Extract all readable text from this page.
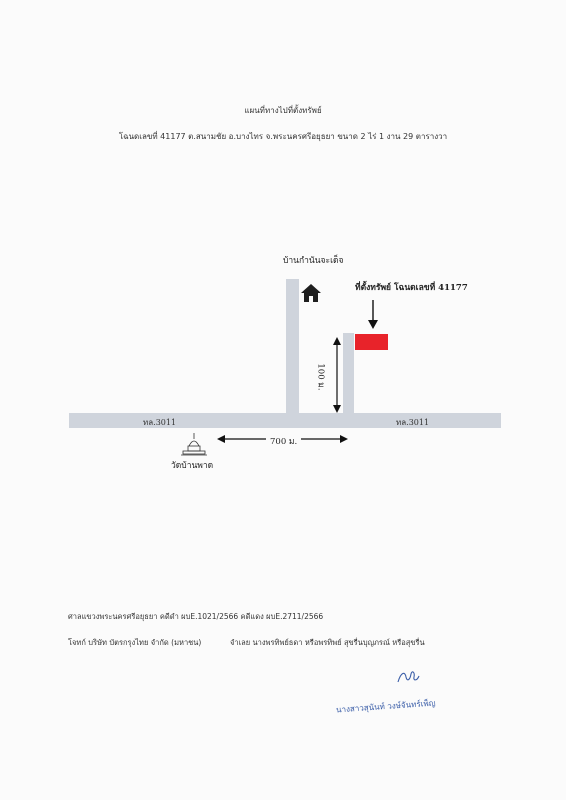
แผนที่ทางไปที่ตั้งทรัพย์
โฉนดเลขที่ 41177 ต.สนามชัย อ.บางไทร จ.พระนครศรีอยุธยา ขนาด 2 ไร่ 1 งาน 29 ตารางวา
ทล.3011	ทล.3011
บ้านกำนันจะเด็จ
ที่ตั้งทรัพย์ โฉนดเลขที่ 41177
100 ม.
700 ม.
วัดบ้านพาด
ศาลแขวงพระนครศรีอยุธยา คดีดำ ผบE.1021/2566 คดีแดง ผบE.2711/2566
โจทก์ บริษัท บัตรกรุงไทย จำกัด (มหาชน)	จำเลย นางพรทิพย์ธดา หรือพรทิพย์ สุขรื่นบุญภรณ์ หรือสุขรื่น
นางสาวสุนันท์ วงษ์จันทร์เพ็ญ
